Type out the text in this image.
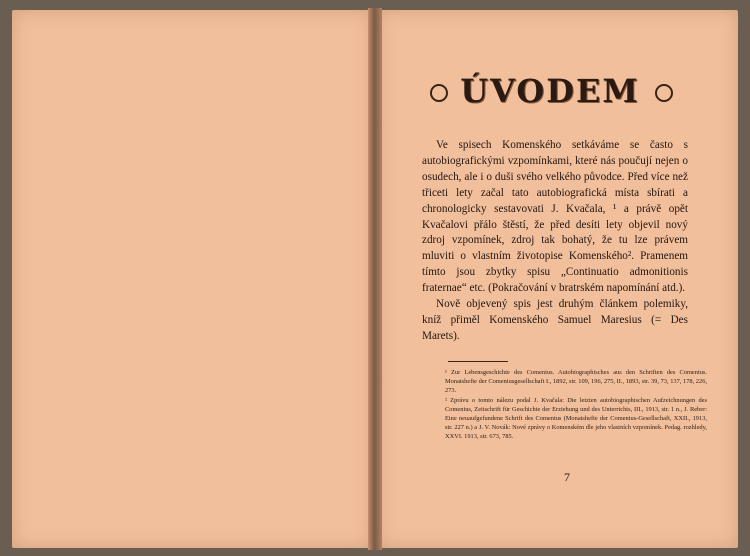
ÚVODEM

Ve spisech Komenského setkáváme se často s autobiografickými vzpomínkami, které nás poučují nejen o osudech, ale i o duši svého velkého původce. Před více než třiceti lety začal tato autobiografická místa sbírati a chronologicky sestavovati J. Kvačala, ¹ a právě opět Kvačalovi přálo štěstí, že před desíti lety objevil nový zdroj vzpomínek, zdroj tak bohatý, že tu lze právem mluviti o vlastním životopise Komenského². Pramenem tímto jsou zbytky spisu „Continuatio admonitionis fraternae“ etc. (Pokračování v bratrském napomínání atd.).

Nově objevený spis jest druhým článkem polemiky, kníž přiměl Komenského Samuel Maresius (= Des Marets).

¹ Zur Lebensgeschichte des Comenius. Autobiographisches aus den Schriften des Comenius. Monatshefte der Comeniusgesellschaft I., 1892, str. 109, 196, 275, II., 1893, str. 39, 73, 137, 178, 226, 273.

² Zprávu o tomto nálezu podal J. Kvačala: Die letzten autobiographischen Aufzeichnungen des Comenius, Zeitschrift für Geschichte der Erziehung und des Unterrichts, III., 1913, str. 1 n., J. Reber: Eine neuaufgefundene Schrift des Comenius (Monatshefte der Comenius-Gesellschaft, XXII., 1913, str. 227 n.) a J. V. Novák: Nové zprávy o Komenském dle jeho vlastních vzpomínek. Pedag. rozhledy, XXVI. 1913, str. 673, 785.

7
